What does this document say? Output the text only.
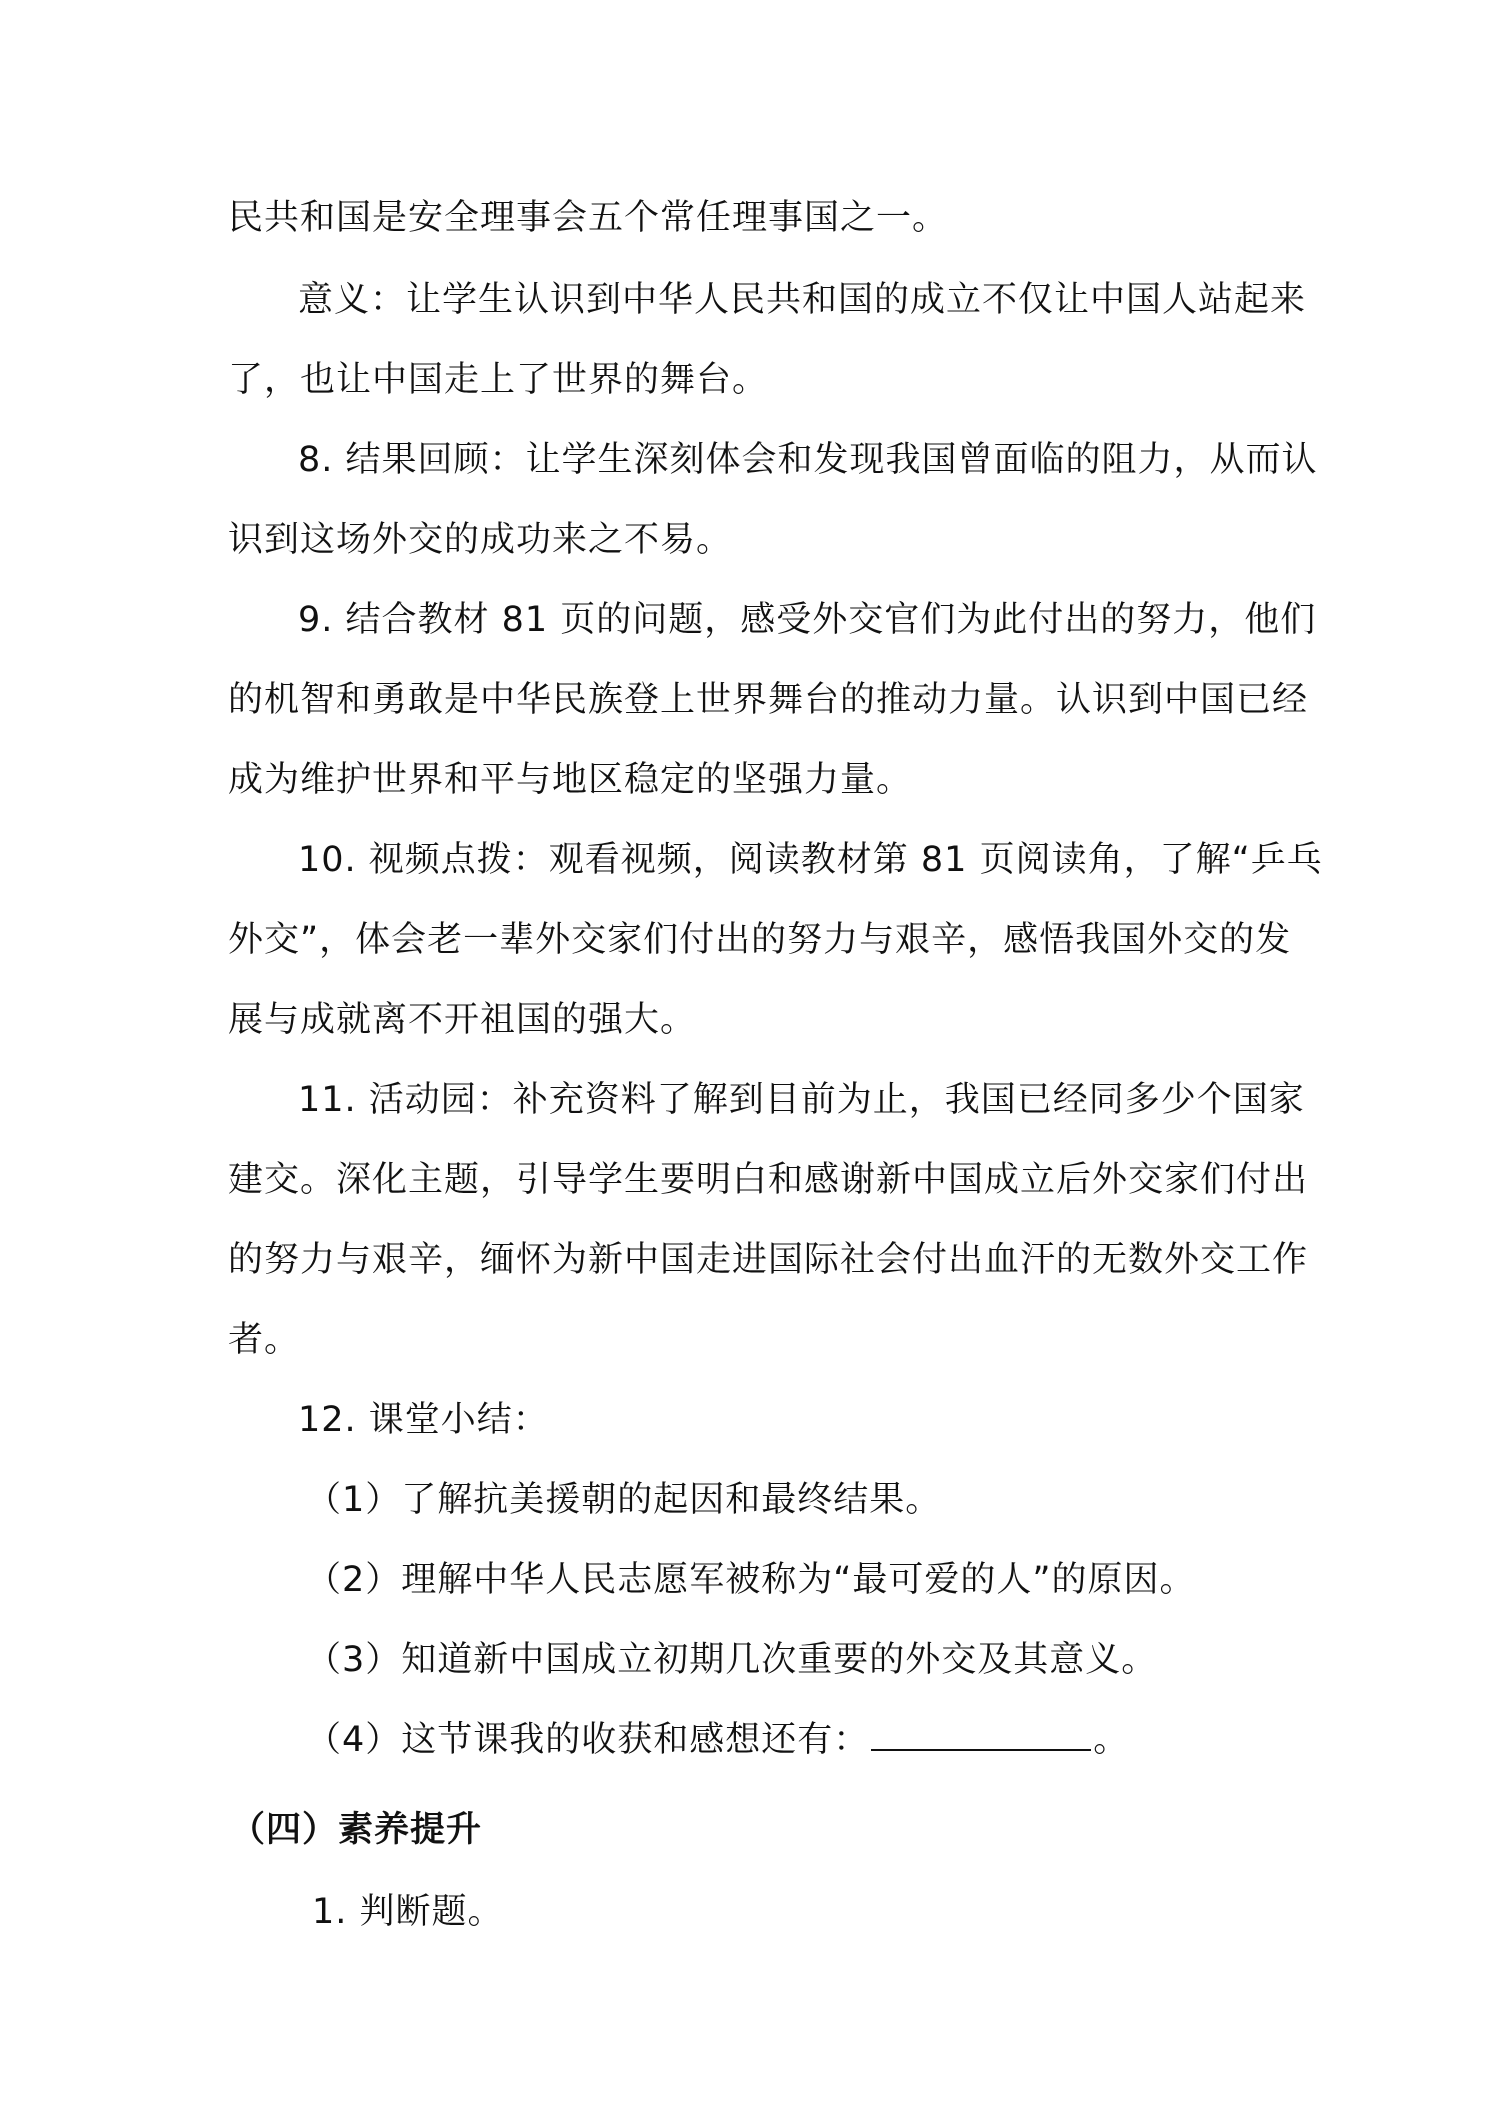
民共和国是安全理事会五个常任理事国之一。
意义：让学生认识到中华人民共和国的成立不仅让中国人站起来
了，也让中国走上了世界的舞台。
8. 结果回顾：让学生深刻体会和发现我国曾面临的阻力，从而认
识到这场外交的成功来之不易。
9. 结合教材 81 页的问题，感受外交官们为此付出的努力，他们
的机智和勇敢是中华民族登上世界舞台的推动力量。认识到中国已经
成为维护世界和平与地区稳定的坚强力量。
10. 视频点拨：观看视频，阅读教材第 81 页阅读角，了解“乒乓
外交”，体会老一辈外交家们付出的努力与艰辛，感悟我国外交的发
展与成就离不开祖国的强大。
11. 活动园：补充资料了解到目前为止，我国已经同多少个国家
建交。深化主题，引导学生要明白和感谢新中国成立后外交家们付出
的努力与艰辛，缅怀为新中国走进国际社会付出血汗的无数外交工作
者。
12. 课堂小结：
（1）了解抗美援朝的起因和最终结果。
（2）理解中华人民志愿军被称为“最可爱的人”的原因。
（3）知道新中国成立初期几次重要的外交及其意义。
（4）这节课我的收获和感想还有：	。
（四）素养提升
1. 判断题。
